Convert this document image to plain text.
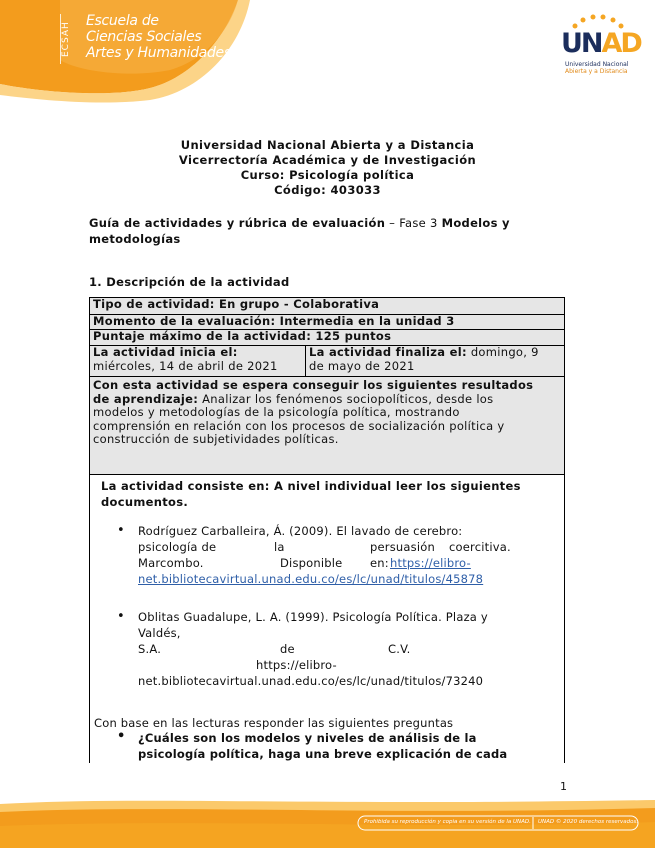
ECSAH
Escuela de
Ciencias Sociales
Artes y Humanidades	UNAD
Universidad Nacional
Abierta y a Distancia
Universidad Nacional Abierta y a Distancia
Vicerrectoría Académica y de Investigación
Curso: Psicología política
Código: 403033
Guía de actividades y rúbrica de evaluación – Fase 3 Modelos y
metodologías
1. Descripción de la actividad
Tipo de actividad: En grupo - Colaborativa
Momento de la evaluación: Intermedia en la unidad 3
Puntaje máximo de la actividad: 125 puntos
La actividad inicia el:
miércoles, 14 de abril de 2021
La actividad finaliza el: domingo, 9
de mayo de 2021
Con esta actividad se espera conseguir los siguientes resultados
de aprendizaje: Analizar los fenómenos sociopolíticos, desde los
modelos y metodologías de la psicología política, mostrando
comprensión en relación con los procesos de socialización política y
construcción de subjetividades políticas.
La actividad consiste en: A nivel individual leer los siguientes
documentos.
• Rodríguez Carballeira, Á. (2009). El lavado de cerebro:
psicología de	la	persuasión coercitiva.
Marcombo.	Disponible en: https://elibro-
net.bibliotecavirtual.unad.edu.co/es/lc/unad/titulos/45878
• Oblitas Guadalupe, L. A. (1999). Psicología Política. Plaza y
Valdés,
S.A.	de	C.V.
https://elibro-
net.bibliotecavirtual.unad.edu.co/es/lc/unad/titulos/73240
Con base en las lecturas responder las siguientes preguntas
• ¿Cuáles son los modelos y niveles de análisis de la
psicología política, haga una breve explicación de cada
1
Prohibida su reproducción y copia en su versión de la UNAD. UNAD © 2020 derechos reservados.
